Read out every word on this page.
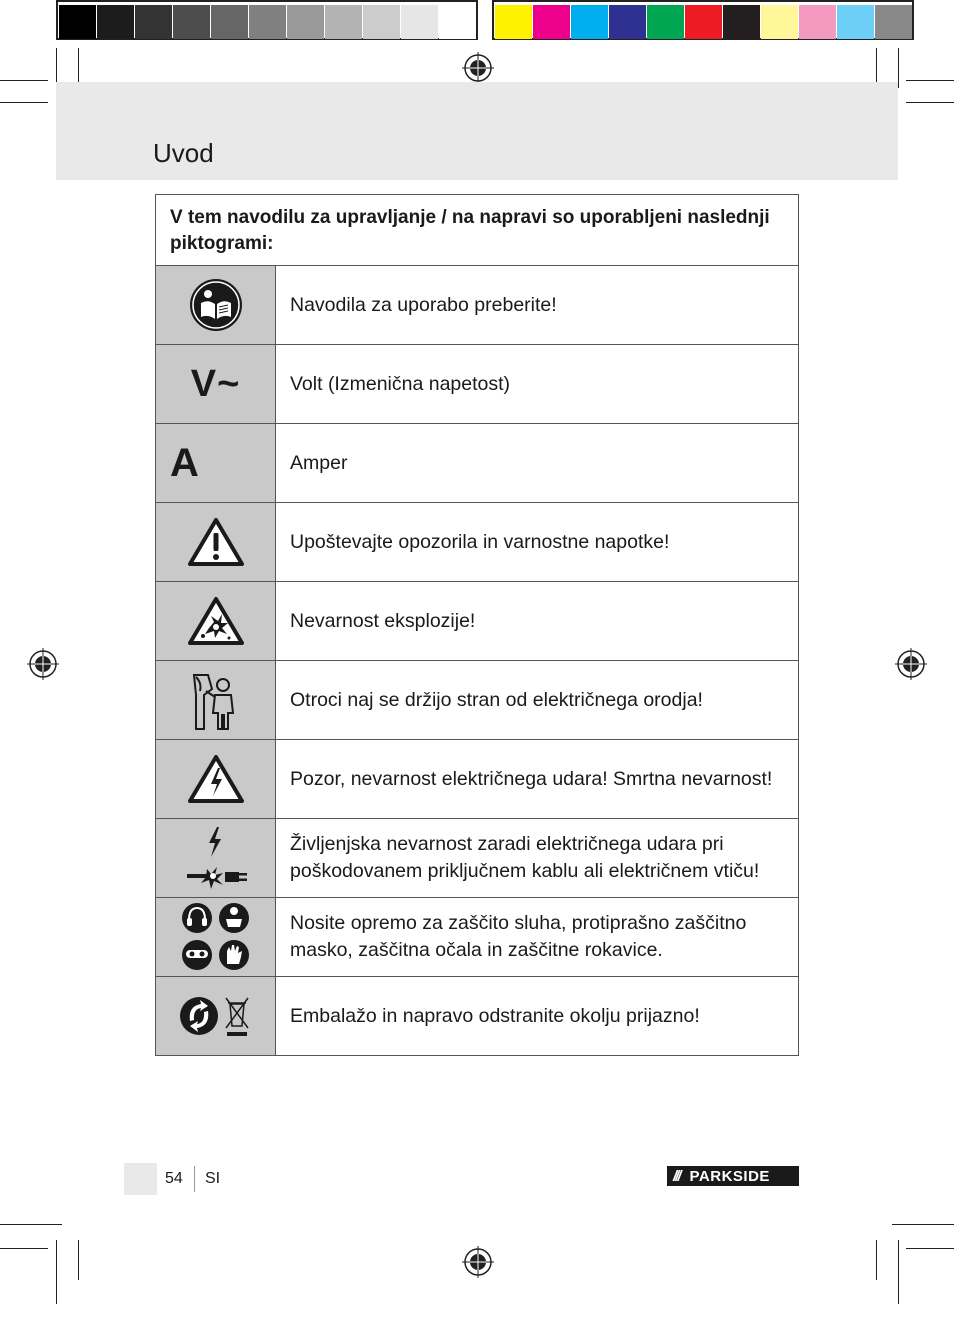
Uvod
V tem navodilu za upravljanje / na napravi so uporabljeni naslednji piktogrami:	

	Navodila za uporabo preberite!
V~	Volt (Izmenična napetost)
A	Amper

	Upoštevajte opozorila in varnostne napotke!

	Nevarnost eksplozije!

	Otroci naj se držijo stran od električnega orodja!

	Pozor, nevarnost električnega udara! Smrtna nevarnost!

	Življenjska nevarnost zaradi električnega udara pri poškodovanem priključnem kablu ali električnem vtiču!

	Nosite opremo za zaščito sluha, protiprašno zaščitno masko, zaščitna očala in zaščitne rokavice.

	Embalažo in napravo odstranite okolju prijazno!
54 SI	/// PARKSIDE
